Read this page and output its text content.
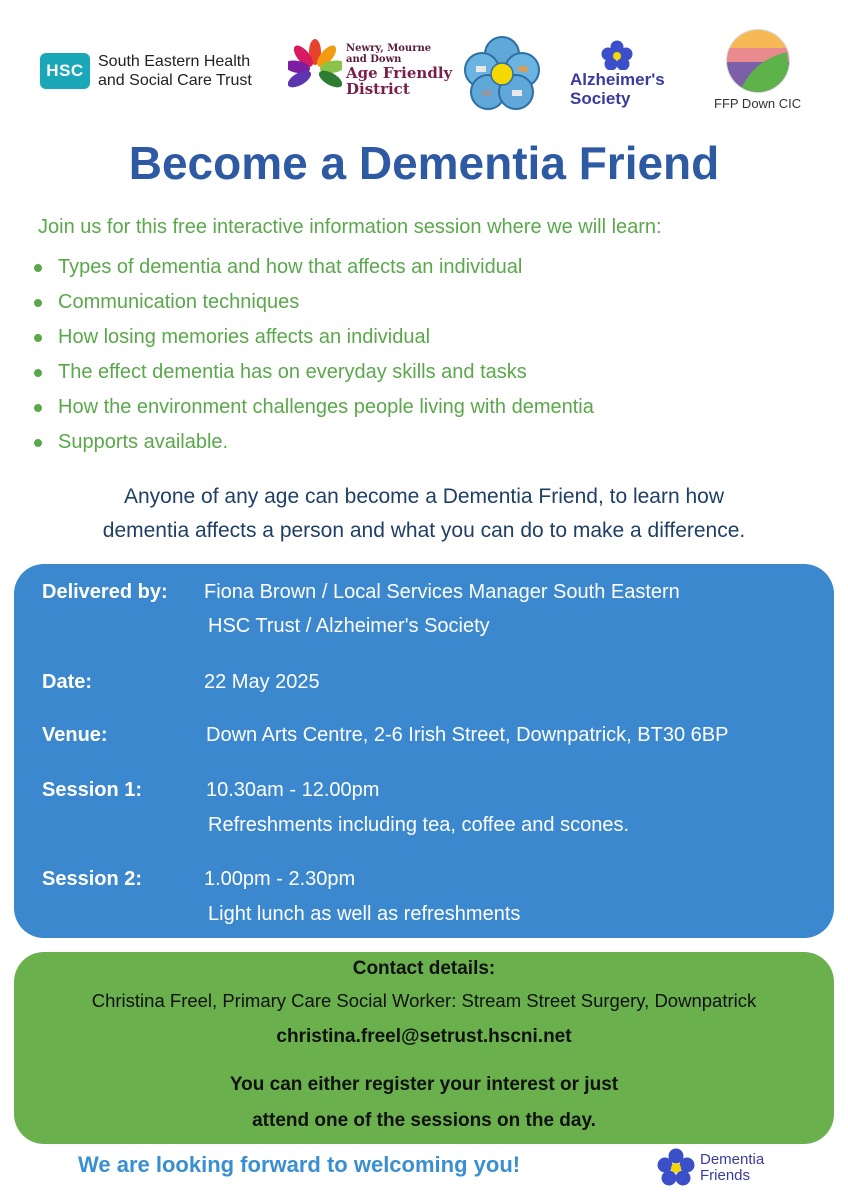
HSC South Eastern Health
and Social Care Trust
Newry, Mourne
and Down
Age Friendly
District	Alzheimer's
Society	FFP Down CIC
Become a Dementia Friend

Join us for this free interactive information session where we will learn:

Types of dementia and how that affects an individual
Communication techniques
How losing memories affects an individual
The effect dementia has on everyday skills and tasks
How the environment challenges people living with dementia
Supports available.
Anyone of any age can become a Dementia Friend, to learn how
dementia affects a person and what you can do to make a difference.
Delivered by: Fiona Brown / Local Services Manager South Eastern
HSC Trust / Alzheimer's Society
Date:	22 May 2025
Venue:	Down Arts Centre, 2-6 Irish Street, Downpatrick, BT30 6BP
Session 1:	10.30am - 12.00pm
Refreshments including tea, coffee and scones.
Session 2:	1.00pm - 2.30pm
Light lunch as well as refreshments
Contact details:
Christina Freel, Primary Care Social Worker: Stream Street Surgery, Downpatrick
christina.freel@setrust.hscni.net
You can either register your interest or just
attend one of the sessions on the day.
We are looking forward to welcoming you!	Dementia
Friends
